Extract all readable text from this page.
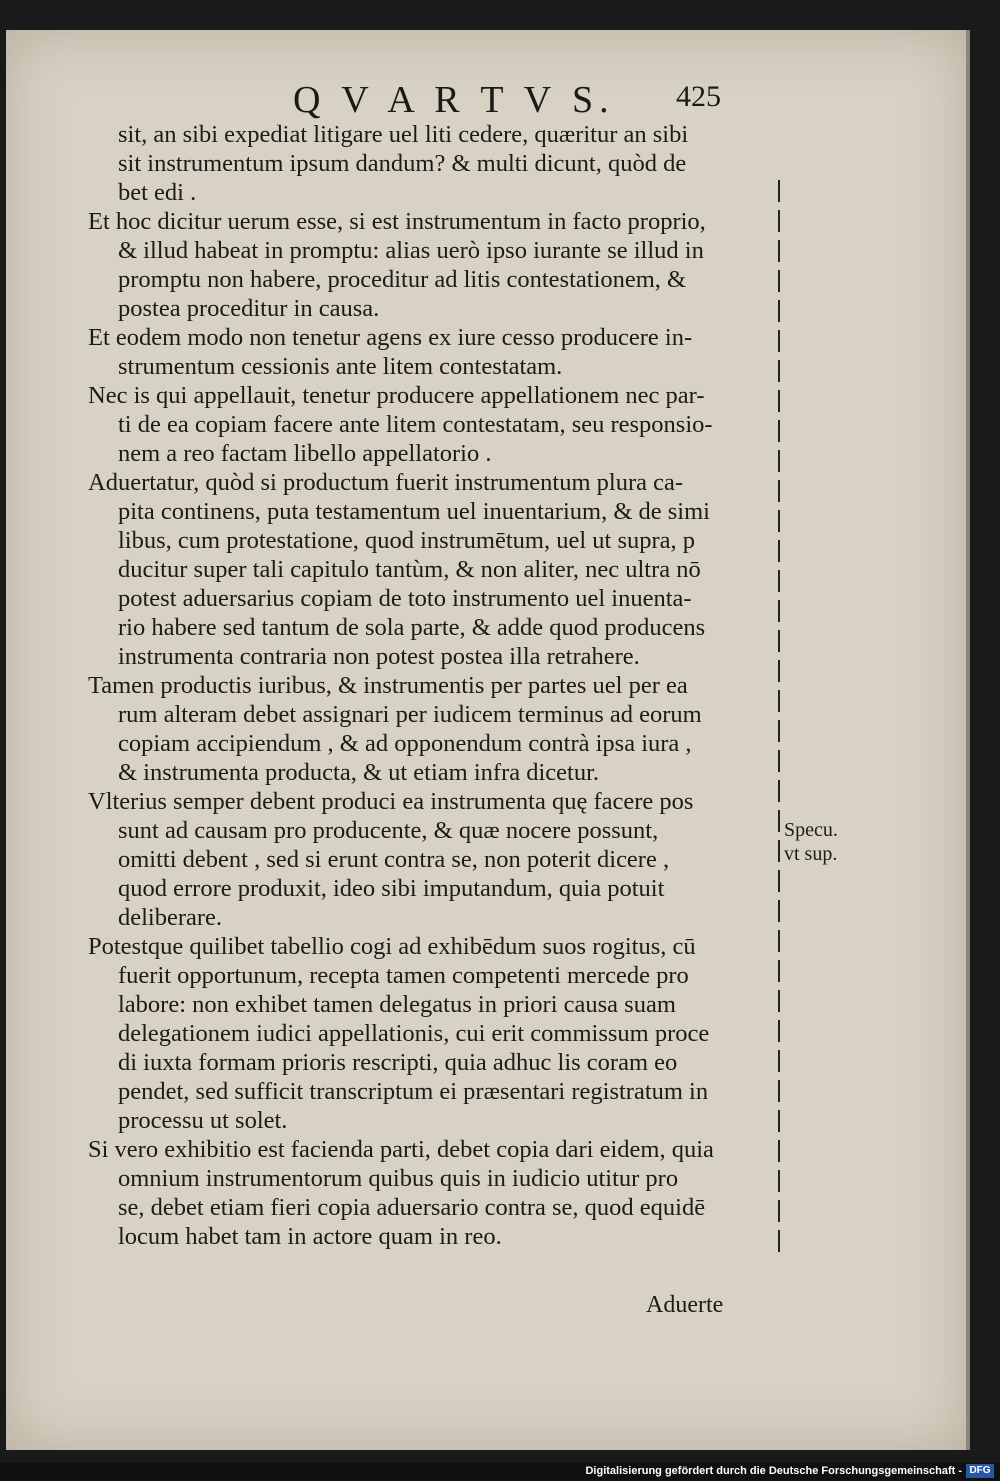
Q V A R T V S. 425
sit, an sibi expediat litigare uel liti cedere, quæritur an sibi
sit instrumentum ipsum dandum? & multi dicunt, quòd de
bet edi .
Et hoc dicitur uerum esse, si est instrumentum in facto proprio,
& illud habeat in promptu: alias uerò ipso iurante se illud in
promptu non habere, proceditur ad litis contestationem, &
postea proceditur in causa.
Et eodem modo non tenetur agens ex iure cesso producere in-
strumentum cessionis ante litem contestatam.
Nec is qui appellauit, tenetur producere appellationem nec par-
ti de ea copiam facere ante litem contestatam, seu responsio-
nem a reo factam libello appellatorio .
Aduertatur, quòd si productum fuerit instrumentum plura ca-
pita continens, puta testamentum uel inuentarium, & de simi
libus, cum protestatione, quod instrumētum, uel ut supra, p
ducitur super tali capitulo tantùm, & non aliter, nec ultra nō
potest aduersarius copiam de toto instrumento uel inuenta-
rio habere sed tantum de sola parte, & adde quod producens
instrumenta contraria non potest postea illa retrahere.
Tamen productis iuribus, & instrumentis per partes uel per ea
rum alteram debet assignari per iudicem terminus ad eorum
copiam accipiendum , & ad opponendum contrà ipsa iura ,
& instrumenta producta, & ut etiam infra dicetur.
Vlterius semper debent produci ea instrumenta quę facere pos
sunt ad causam pro producente, & quæ nocere possunt,
omitti debent , sed si erunt contra se, non poterit dicere ,
quod errore produxit, ideo sibi imputandum, quia potuit
deliberare.
Potestque quilibet tabellio cogi ad exhibēdum suos rogitus, cū
fuerit opportunum, recepta tamen competenti mercede pro
labore: non exhibet tamen delegatus in priori causa suam
delegationem iudici appellationis, cui erit commissum proce
di iuxta formam prioris rescripti, quia adhuc lis coram eo
pendet, sed sufficit transcriptum ei præsentari registratum in
processu ut solet.
Si vero exhibitio est facienda parti, debet copia dari eidem, quia
omnium instrumentorum quibus quis in iudicio utitur pro
se, debet etiam fieri copia aduersario contra se, quod equidē
locum habet tam in actore quam in reo.
Specu.
vt sup.
Aduerte
Digitalisierung gefördert durch die Deutsche Forschungsgemeinschaft - DFG
